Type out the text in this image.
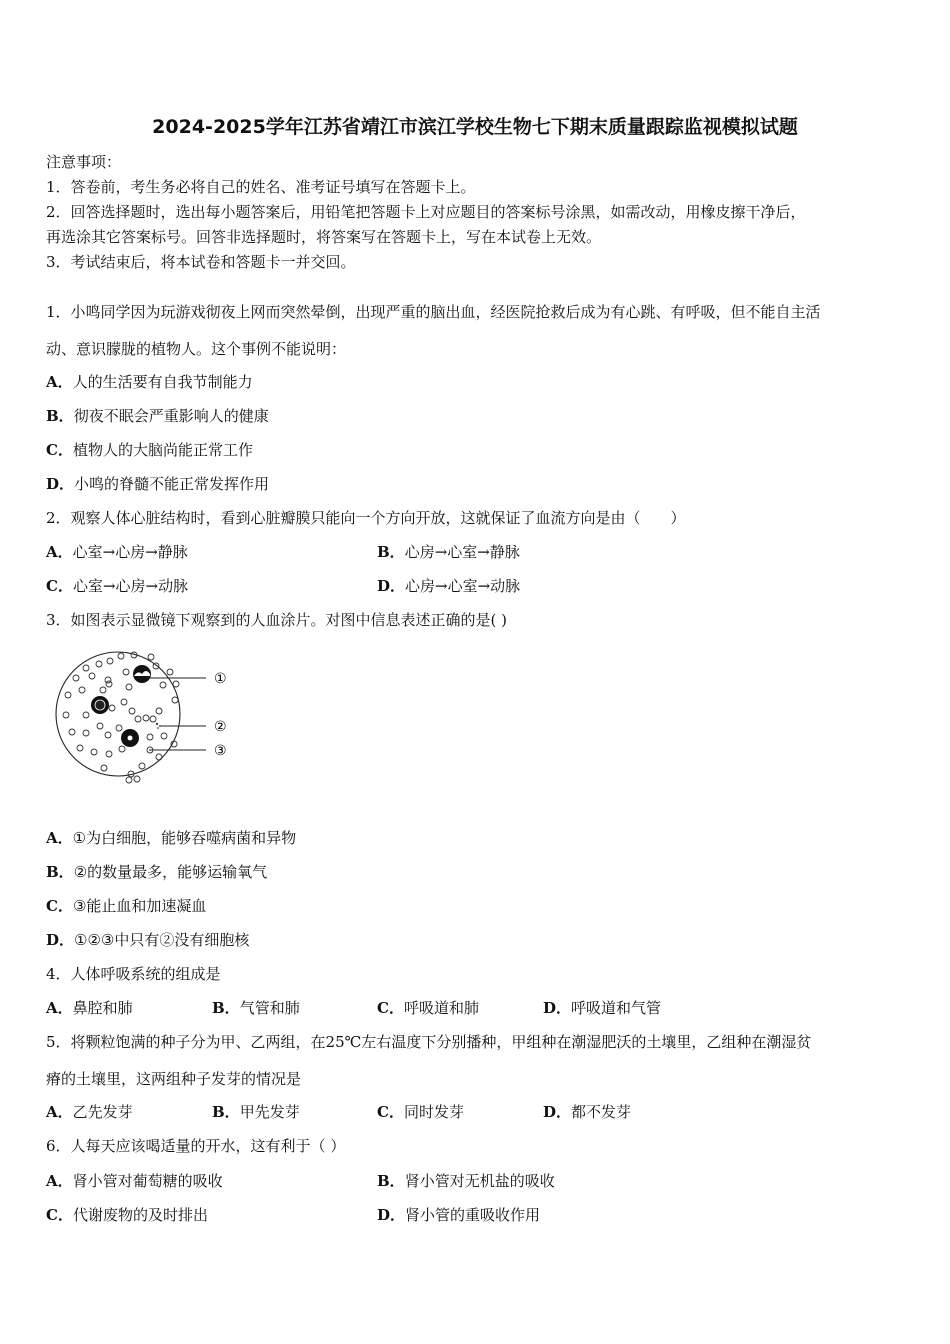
2024-2025学年江苏省靖江市滨江学校生物七下期末质量跟踪监视模拟试题
注意事项：
1．答卷前，考生务必将自己的姓名、准考证号填写在答题卡上。
2．回答选择题时，选出每小题答案后，用铅笔把答题卡上对应题目的答案标号涂黑，如需改动，用橡皮擦干净后，
再选涂其它答案标号。回答非选择题时，将答案写在答题卡上，写在本试卷上无效。
3．考试结束后，将本试卷和答题卡一并交回。
1．小鸣同学因为玩游戏彻夜上网而突然晕倒，出现严重的脑出血，经医院抢救后成为有心跳、有呼吸，但不能自主活
动、意识朦胧的植物人。这个事例不能说明：
A．人的生活要有自我节制能力
B．彻夜不眠会严重影响人的健康
C．植物人的大脑尚能正常工作
D．小鸣的脊髓不能正常发挥作用
2．观察人体心脏结构时，看到心脏瓣膜只能向一个方向开放，这就保证了血流方向是由（　　）
A．心室→心房→静脉	B．心房→心室→静脉
C．心室→心房→动脉	D．心房→心室→动脉
3．如图表示显微镜下观察到的人血涂片。对图中信息表述正确的是( )
①
②
③
A．①为白细胞，能够吞噬病菌和异物
B．②的数量最多，能够运输氧气
C．③能止血和加速凝血
D．①②③中只有②没有细胞核
4．人体呼吸系统的组成是
A．鼻腔和肺	B．气管和肺	C．呼吸道和肺	D．呼吸道和气管
5．将颗粒饱满的种子分为甲、乙两组，在25℃左右温度下分别播种，甲组种在潮湿肥沃的土壤里，乙组种在潮湿贫
瘠的土壤里，这两组种子发芽的情况是
A．乙先发芽	B．甲先发芽	C．同时发芽	D．都不发芽
6．人每天应该喝适量的开水，这有利于（ ）
A．肾小管对葡萄糖的吸收	B．肾小管对无机盐的吸收
C．代谢废物的及时排出	D．肾小管的重吸收作用
